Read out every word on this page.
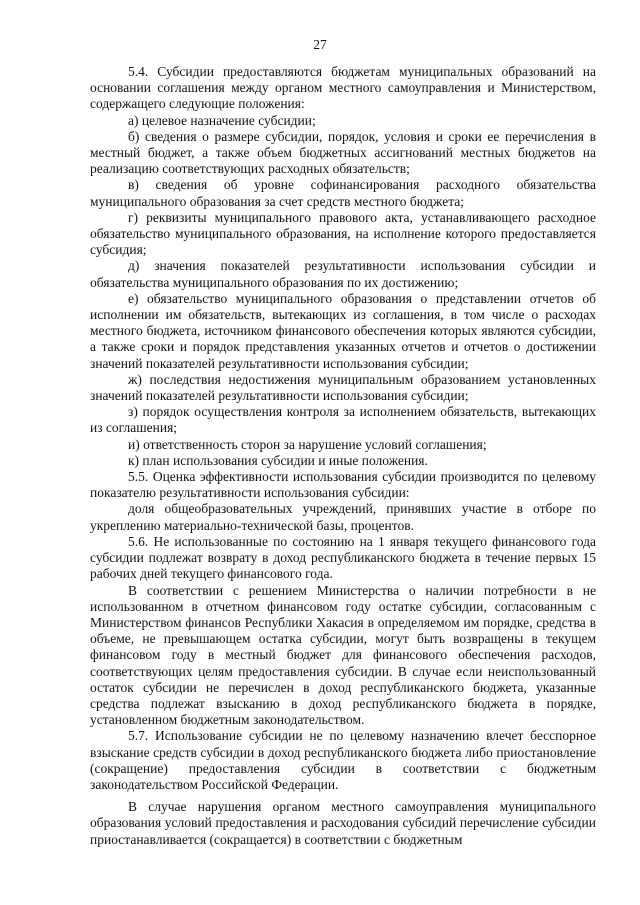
27

5.4. Субсидии предоставляются бюджетам муниципальных образований на основании соглашения между органом местного самоуправления и Министерством, содержащего следующие положения:

а) целевое назначение субсидии;

б) сведения о размере субсидии, порядок, условия и сроки ее перечисления в местный бюджет, а также объем бюджетных ассигнований местных бюджетов на реализацию соответствующих расходных обязательств;

в) сведения об уровне софинансирования расходного обязательства муниципального образования за счет средств местного бюджета;

г) реквизиты муниципального правового акта, устанавливающего расходное обязательство муниципального образования, на исполнение которого предоставляется субсидия;

д) значения показателей результативности использования субсидии и обязательства муниципального образования по их достижению;

е) обязательство муниципального образования о представлении отчетов об исполнении им обязательств, вытекающих из соглашения, в том числе о расходах местного бюджета, источником финансового обеспечения которых являются субсидии, а также сроки и порядок представления указанных отчетов и отчетов о достижении значений показателей результативности использования субсидии;

ж) последствия недостижения муниципальным образованием установленных значений показателей результативности использования субсидии;

з) порядок осуществления контроля за исполнением обязательств, вытекающих из соглашения;

и) ответственность сторон за нарушение условий соглашения;

к) план использования субсидии и иные положения.

5.5. Оценка эффективности использования субсидии производится по целевому показателю результативности использования субсидии:

доля общеобразовательных учреждений, принявших участие в отборе по укреплению материально-технической базы, процентов.

5.6. Не использованные по состоянию на 1 января текущего финансового года субсидии подлежат возврату в доход республиканского бюджета в течение первых 15 рабочих дней текущего финансового года.

В соответствии с решением Министерства о наличии потребности в не использованном в отчетном финансовом году остатке субсидии, согласованным с Министерством финансов Республики Хакасия в определяемом им порядке, средства в объеме, не превышающем остатка субсидии, могут быть возвращены в текущем финансовом году в местный бюджет для финансового обеспечения расходов, соответствующих целям предоставления субсидии. В случае если неиспользованный остаток субсидии не перечислен в доход республиканского бюджета, указанные средства подлежат взысканию в доход республиканского бюджета в порядке, установленном бюджетным законодательством.

5.7. Использование субсидии не по целевому назначению влечет бесспорное взыскание средств субсидии в доход республиканского бюджета либо приостановление (сокращение) предоставления субсидии в соответствии с бюджетным законодательством Российской Федерации.

В случае нарушения органом местного самоуправления муниципального образования условий предоставления и расходования субсидий перечисление субсидии приостанавливается (сокращается) в соответствии с бюджетным
